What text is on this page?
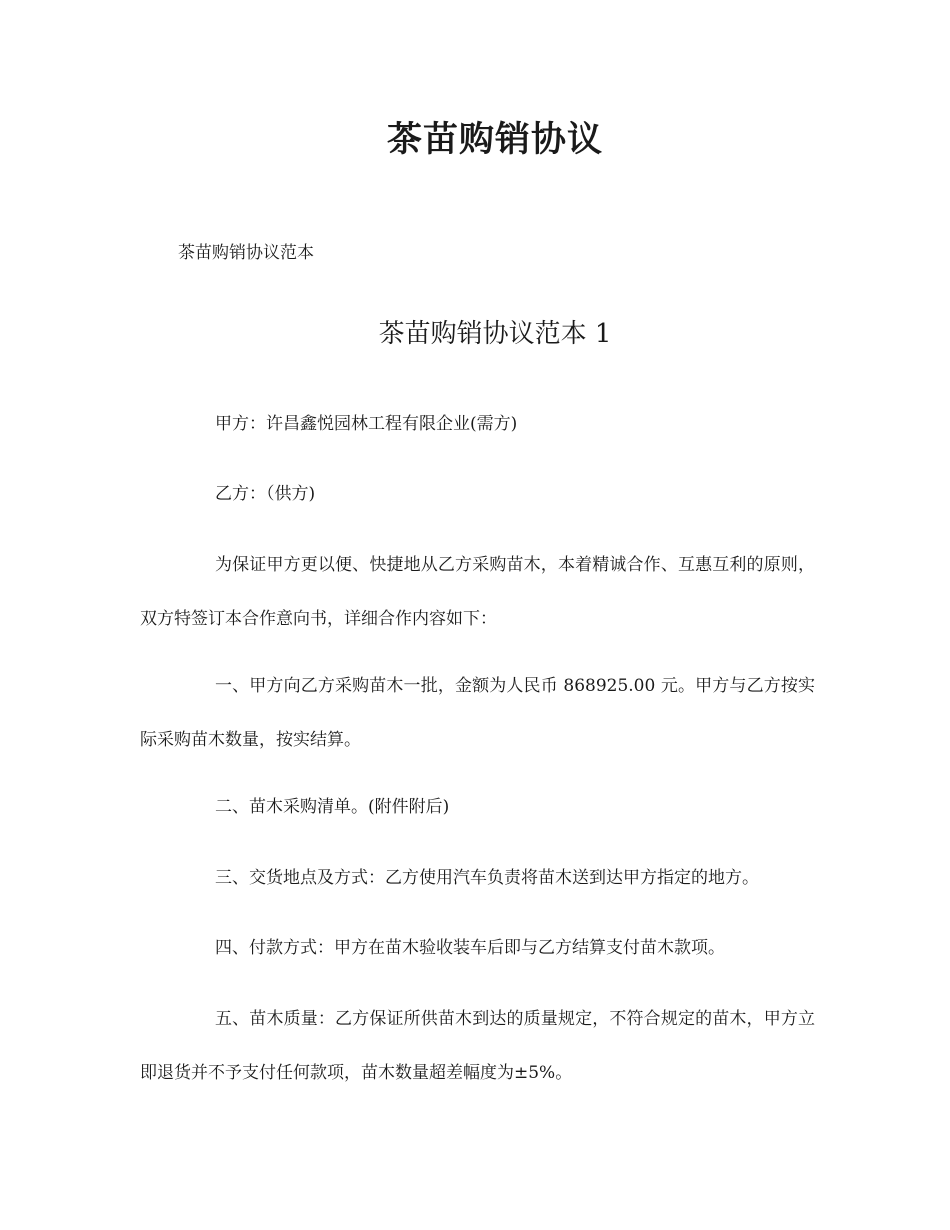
茶苗购销协议

茶苗购销协议范本

茶苗购销协议范本 1

甲方：许昌鑫悦园林工程有限企业(需方)

乙方：（供方)

为保证甲方更以便、快捷地从乙方采购苗木，本着精诚合作、互惠互利的原则，双方特签订本合作意向书，详细合作内容如下：

一、甲方向乙方采购苗木一批，金额为人民币 868925.00 元。甲方与乙方按实际采购苗木数量，按实结算。

二、苗木采购清单。(附件附后)

三、交货地点及方式：乙方使用汽车负责将苗木送到达甲方指定的地方。

四、付款方式：甲方在苗木验收装车后即与乙方结算支付苗木款项。

五、苗木质量：乙方保证所供苗木到达的质量规定，不符合规定的苗木，甲方立即退货并不予支付任何款项，苗木数量超差幅度为±5%。
